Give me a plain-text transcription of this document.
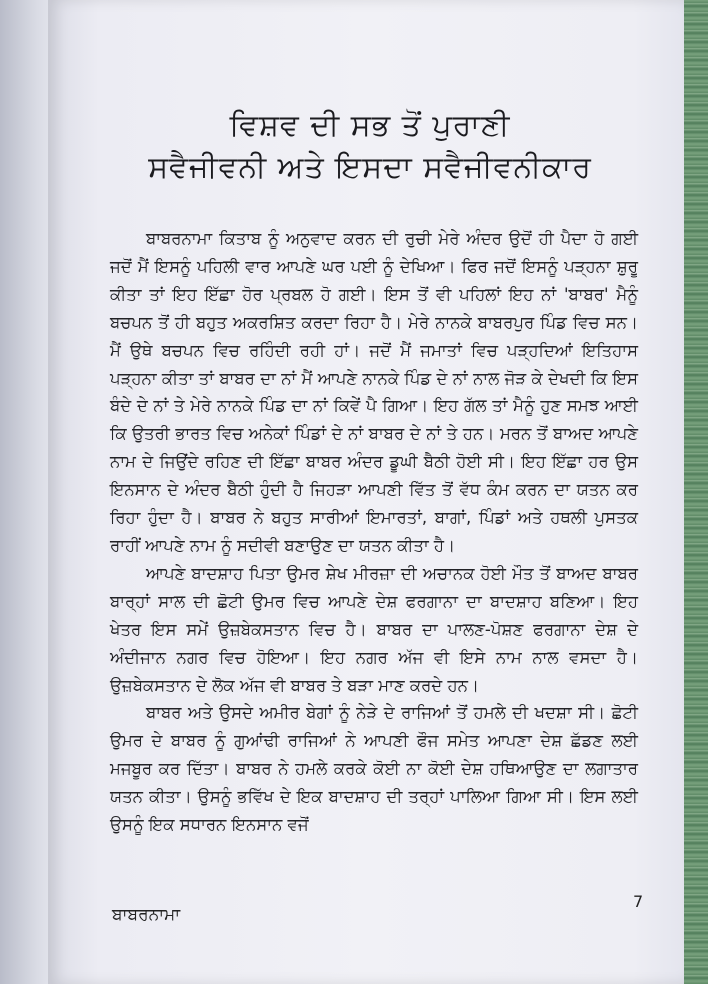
ਵਿਸ਼ਵ ਦੀ ਸਭ ਤੋਂ ਪੁਰਾਣੀ
ਸਵੈਜੀਵਨੀ ਅਤੇ ਇਸਦਾ ਸਵੈਜੀਵਨੀਕਾਰ

ਬਾਬਰਨਾਮਾ ਕਿਤਾਬ ਨੂੰ ਅਨੁਵਾਦ ਕਰਨ ਦੀ ਰੁਚੀ ਮੇਰੇ ਅੰਦਰ ਉਦੋਂ ਹੀ ਪੈਦਾ ਹੋ ਗਈ ਜਦੋਂ ਮੈਂ ਇਸਨੂੰ ਪਹਿਲੀ ਵਾਰ ਆਪਣੇ ਘਰ ਪਈ ਨੂੰ ਦੇਖਿਆ। ਫਿਰ ਜਦੋਂ ਇਸਨੂੰ ਪੜ੍ਹਨਾ ਸ਼ੁਰੂ ਕੀਤਾ ਤਾਂ ਇਹ ਇੱਛਾ ਹੋਰ ਪ੍ਰਬਲ ਹੋ ਗਈ। ਇਸ ਤੋਂ ਵੀ ਪਹਿਲਾਂ ਇਹ ਨਾਂ 'ਬਾਬਰ' ਮੈਨੂੰ ਬਚਪਨ ਤੋਂ ਹੀ ਬਹੁਤ ਅਕਰਸ਼ਿਤ ਕਰਦਾ ਰਿਹਾ ਹੈ। ਮੇਰੇ ਨਾਨਕੇ ਬਾਬਰਪੁਰ ਪਿੰਡ ਵਿਚ ਸਨ। ਮੈਂ ਉਥੇ ਬਚਪਨ ਵਿਚ ਰਹਿੰਦੀ ਰਹੀ ਹਾਂ। ਜਦੋਂ ਮੈਂ ਜਮਾਤਾਂ ਵਿਚ ਪੜ੍ਹਦਿਆਂ ਇਤਿਹਾਸ ਪੜ੍ਹਨਾ ਕੀਤਾ ਤਾਂ ਬਾਬਰ ਦਾ ਨਾਂ ਮੈਂ ਆਪਣੇ ਨਾਨਕੇ ਪਿੰਡ ਦੇ ਨਾਂ ਨਾਲ ਜੋੜ ਕੇ ਦੇਖਦੀ ਕਿ ਇਸ ਬੰਦੇ ਦੇ ਨਾਂ ਤੇ ਮੇਰੇ ਨਾਨਕੇ ਪਿੰਡ ਦਾ ਨਾਂ ਕਿਵੇਂ ਪੈ ਗਿਆ। ਇਹ ਗੱਲ ਤਾਂ ਮੈਨੂੰ ਹੁਣ ਸਮਝ ਆਈ ਕਿ ਉਤਰੀ ਭਾਰਤ ਵਿਚ ਅਨੇਕਾਂ ਪਿੰਡਾਂ ਦੇ ਨਾਂ ਬਾਬਰ ਦੇ ਨਾਂ ਤੇ ਹਨ। ਮਰਨ ਤੋਂ ਬਾਅਦ ਆਪਣੇ ਨਾਮ ਦੇ ਜਿਉਂਦੇ ਰਹਿਣ ਦੀ ਇੱਛਾ ਬਾਬਰ ਅੰਦਰ ਡੂਘੀ ਬੈਠੀ ਹੋਈ ਸੀ। ਇਹ ਇੱਛਾ ਹਰ ਉਸ ਇਨਸਾਨ ਦੇ ਅੰਦਰ ਬੈਠੀ ਹੁੰਦੀ ਹੈ ਜਿਹੜਾ ਆਪਣੀ ਵਿੱਤ ਤੋਂ ਵੱਧ ਕੰਮ ਕਰਨ ਦਾ ਯਤਨ ਕਰ ਰਿਹਾ ਹੁੰਦਾ ਹੈ। ਬਾਬਰ ਨੇ ਬਹੁਤ ਸਾਰੀਆਂ ਇਮਾਰਤਾਂ, ਬਾਗਾਂ, ਪਿੰਡਾਂ ਅਤੇ ਹਥਲੀ ਪੁਸਤਕ ਰਾਹੀਂ ਆਪਣੇ ਨਾਮ ਨੂੰ ਸਦੀਵੀ ਬਣਾਉਣ ਦਾ ਯਤਨ ਕੀਤਾ ਹੈ।

ਆਪਣੇ ਬਾਦਸ਼ਾਹ ਪਿਤਾ ਉਮਰ ਸ਼ੇਖ ਮੀਰਜ਼ਾ ਦੀ ਅਚਾਨਕ ਹੋਈ ਮੌਤ ਤੋਂ ਬਾਅਦ ਬਾਬਰ ਬਾਰ੍ਹਾਂ ਸਾਲ ਦੀ ਛੋਟੀ ਉਮਰ ਵਿਚ ਆਪਣੇ ਦੇਸ਼ ਫਰਗਾਨਾ ਦਾ ਬਾਦਸ਼ਾਹ ਬਣਿਆ। ਇਹ ਖੇਤਰ ਇਸ ਸਮੇਂ ਉਜ਼ਬੇਕਸਤਾਨ ਵਿਚ ਹੈ। ਬਾਬਰ ਦਾ ਪਾਲਣ-ਪੋਸ਼ਣ ਫਰਗਾਨਾ ਦੇਸ਼ ਦੇ ਅੰਦੀਜਾਨ ਨਗਰ ਵਿਚ ਹੋਇਆ। ਇਹ ਨਗਰ ਅੱਜ ਵੀ ਇਸੇ ਨਾਮ ਨਾਲ ਵਸਦਾ ਹੈ। ਉਜ਼ਬੇਕਸਤਾਨ ਦੇ ਲੋਕ ਅੱਜ ਵੀ ਬਾਬਰ ਤੇ ਬੜਾ ਮਾਣ ਕਰਦੇ ਹਨ।

ਬਾਬਰ ਅਤੇ ਉਸਦੇ ਅਮੀਰ ਬੇਗਾਂ ਨੂੰ ਨੇੜੇ ਦੇ ਰਾਜਿਆਂ ਤੋਂ ਹਮਲੇ ਦੀ ਖਦਸ਼ਾ ਸੀ। ਛੋਟੀ ਉਮਰ ਦੇ ਬਾਬਰ ਨੂੰ ਗੁਆਂਢੀ ਰਾਜਿਆਂ ਨੇ ਆਪਣੀ ਫੌਜ ਸਮੇਤ ਆਪਣਾ ਦੇਸ਼ ਛੱਡਣ ਲਈ ਮਜਬੂਰ ਕਰ ਦਿੱਤਾ। ਬਾਬਰ ਨੇ ਹਮਲੇ ਕਰਕੇ ਕੋਈ ਨਾ ਕੋਈ ਦੇਸ਼ ਹਥਿਆਉਣ ਦਾ ਲਗਾਤਾਰ ਯਤਨ ਕੀਤਾ। ਉਸਨੂੰ ਭਵਿੱਖ ਦੇ ਇਕ ਬਾਦਸ਼ਾਹ ਦੀ ਤਰ੍ਹਾਂ ਪਾਲਿਆ ਗਿਆ ਸੀ। ਇਸ ਲਈ ਉਸਨੂੰ ਇਕ ਸਧਾਰਨ ਇਨਸਾਨ ਵਜੋਂ

7
ਬਾਬਰਨਾਮਾ
